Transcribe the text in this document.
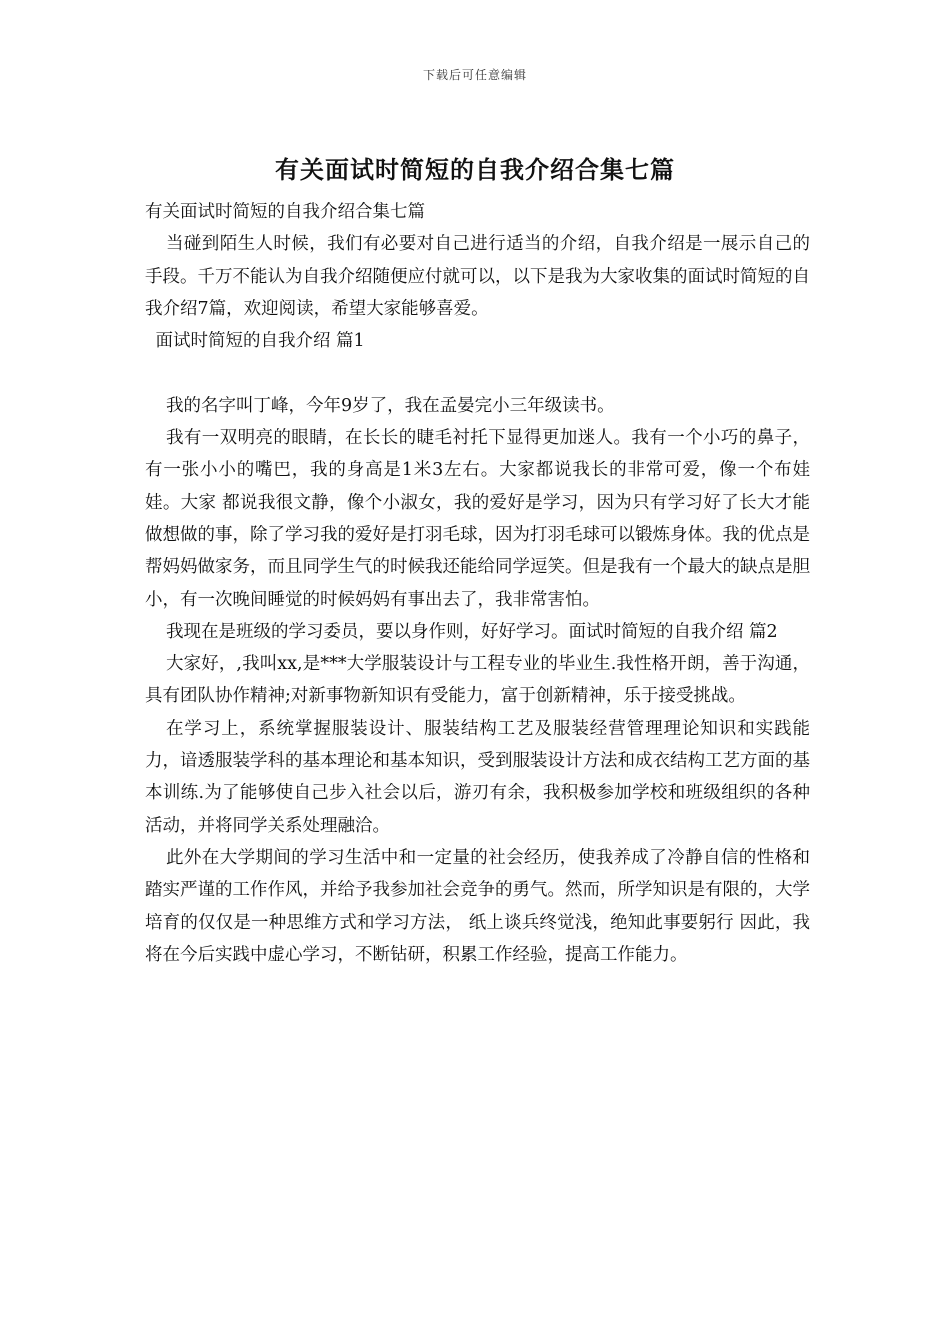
下载后可任意编辑
有关面试时简短的自我介绍合集七篇

有关面试时简短的自我介绍合集七篇

当碰到陌生人时候，我们有必要对自己进行适当的介绍，自我介绍是一展示自己的手段。千万不能认为自我介绍随便应付就可以，以下是我为大家收集的面试时简短的自我介绍7篇，欢迎阅读，希望大家能够喜爱。

面试时简短的自我介绍 篇1

我的名字叫丁峰，今年9岁了，我在孟晏完小三年级读书。

我有一双明亮的眼睛，在长长的睫毛衬托下显得更加迷人。我有一个小巧的鼻子，有一张小小的嘴巴，我的身高是1米3左右。大家都说我长的非常可爱，像一个布娃娃。大家 都说我很文静，像个小淑女，我的爱好是学习，因为只有学习好了长大才能做想做的事，除了学习我的爱好是打羽毛球，因为打羽毛球可以锻炼身体。我的优点是帮妈妈做家务，而且同学生气的时候我还能给同学逗笑。但是我有一个最大的缺点是胆小，有一次晚间睡觉的时候妈妈有事出去了，我非常害怕。

我现在是班级的学习委员，要以身作则，好好学习。面试时简短的自我介绍 篇2

大家好，,我叫xx,是***大学服装设计与工程专业的毕业生.我性格开朗，善于沟通，具有团队协作精神;对新事物新知识有受能力，富于创新精神，乐于接受挑战。

在学习上，系统掌握服装设计、服装结构工艺及服装经营管理理论知识和实践能力，谙透服装学科的基本理论和基本知识，受到服装设计方法和成衣结构工艺方面的基本训练.为了能够使自己步入社会以后，游刃有余，我积极参加学校和班级组织的各种活动，并将同学关系处理融洽。

此外在大学期间的学习生活中和一定量的社会经历，使我养成了冷静自信的性格和踏实严谨的工作作风，并给予我参加社会竞争的勇气。然而，所学知识是有限的，大学培育的仅仅是一种思维方式和学习方法， 纸上谈兵终觉浅，绝知此事要躬行 因此，我将在今后实践中虚心学习，不断钻研，积累工作经验，提高工作能力。
